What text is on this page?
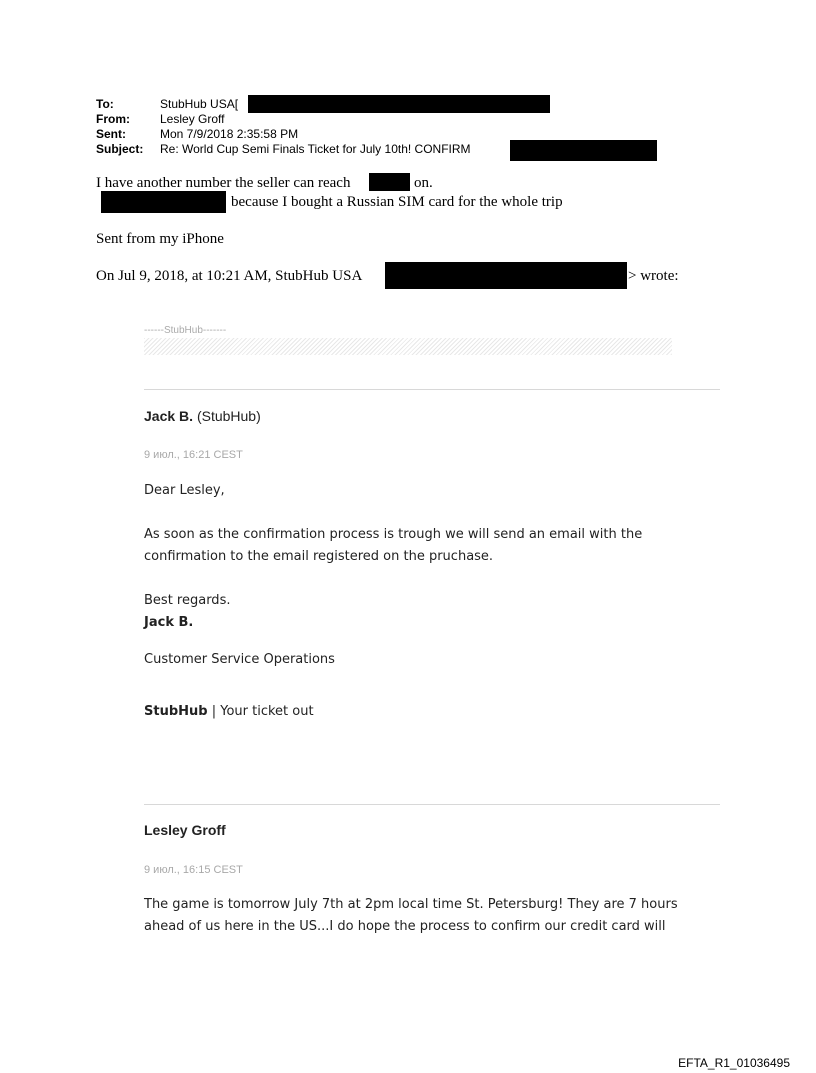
To:	StubHub USA[
From:	Lesley Groff
Sent:	Mon 7/9/2018 2:35:58 PM
Subject: Re: World Cup Semi Finals Ticket for July 10th! CONFIRM
I have another number the seller can reach	on.
because I bought a Russian SIM card for the whole trip
Sent from my iPhone
On Jul 9, 2018, at 10:21 AM, StubHub USA	> wrote:
------StubHub-------
Jack B. (StubHub)
9 июл., 16:21 CEST
Dear Lesley,
As soon as the confirmation process is trough we will send an email with the
confirmation to the email registered on the pruchase.
Best regards.
Jack B.
Customer Service Operations
StubHub | Your ticket out
Lesley Groff
9 июл., 16:15 CEST
The game is tomorrow July 7th at 2pm local time St. Petersburg! They are 7 hours
ahead of us here in the US...I do hope the process to confirm our credit card will
EFTA_R1_01036495
